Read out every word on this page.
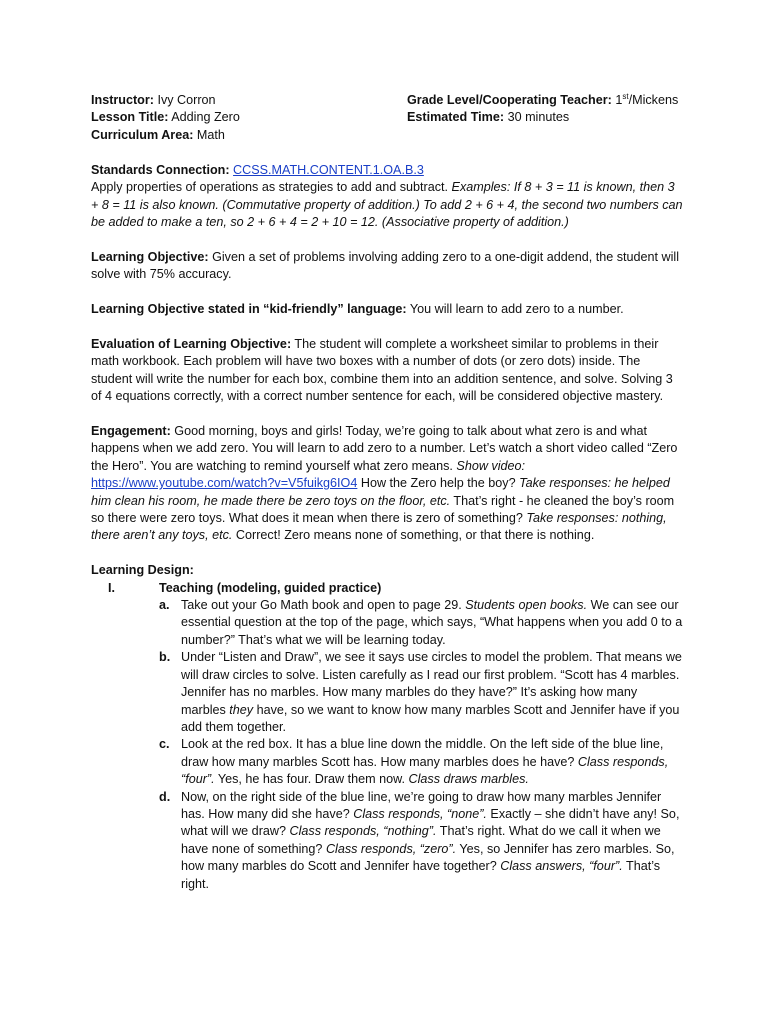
Instructor: Ivy Corron
Lesson Title: Adding Zero
Curriculum Area: Math
Grade Level/Cooperating Teacher: 1st/Mickens
Estimated Time: 30 minutes

Standards Connection: CCSS.MATH.CONTENT.1.OA.B.3
Apply properties of operations as strategies to add and subtract. Examples: If 8 + 3 = 11 is known, then 3 + 8 = 11 is also known. (Commutative property of addition.) To add 2 + 6 + 4, the second two numbers can be added to make a ten, so 2 + 6 + 4 = 2 + 10 = 12. (Associative property of addition.)

Learning Objective: Given a set of problems involving adding zero to a one-digit addend, the student will solve with 75% accuracy.

Learning Objective stated in “kid-friendly” language: You will learn to add zero to a number.

Evaluation of Learning Objective: The student will complete a worksheet similar to problems in their math workbook. Each problem will have two boxes with a number of dots (or zero dots) inside. The student will write the number for each box, combine them into an addition sentence, and solve. Solving 3 of 4 equations correctly, with a correct number sentence for each, will be considered objective mastery.

Engagement: Good morning, boys and girls! Today, we’re going to talk about what zero is and what happens when we add zero. You will learn to add zero to a number. Let’s watch a short video called “Zero the Hero”. You are watching to remind yourself what zero means. Show video:
https://www.youtube.com/watch?v=V5fuikg6IO4 How the Zero help the boy? Take responses: he helped him clean his room, he made there be zero toys on the floor, etc. That’s right - he cleaned the boy’s room so there were zero toys. What does it mean when there is zero of something? Take responses: nothing, there aren’t any toys, etc. Correct! Zero means none of something, or that there is nothing.

Learning Design:
I.	Teaching (modeling, guided practice)
a. Take out your Go Math book and open to page 29. Students open books. We can see our essential question at the top of the page, which says, “What happens when you add 0 to a number?” That’s what we will be learning today.
b. Under “Listen and Draw”, we see it says use circles to model the problem. That means we will draw circles to solve. Listen carefully as I read our first problem. “Scott has 4 marbles. Jennifer has no marbles. How many marbles do they have?” It’s asking how many marbles they have, so we want to know how many marbles Scott and Jennifer have if you add them together.
c. Look at the red box. It has a blue line down the middle. On the left side of the blue line, draw how many marbles Scott has. How many marbles does he have? Class responds, “four”. Yes, he has four. Draw them now. Class draws marbles.
d. Now, on the right side of the blue line, we’re going to draw how many marbles Jennifer has. How many did she have? Class responds, “none”. Exactly – she didn’t have any! So, what will we draw? Class responds, “nothing”. That’s right. What do we call it when we have none of something? Class responds, “zero”. Yes, so Jennifer has zero marbles. So, how many marbles do Scott and Jennifer have together? Class answers, “four”. That’s right.
